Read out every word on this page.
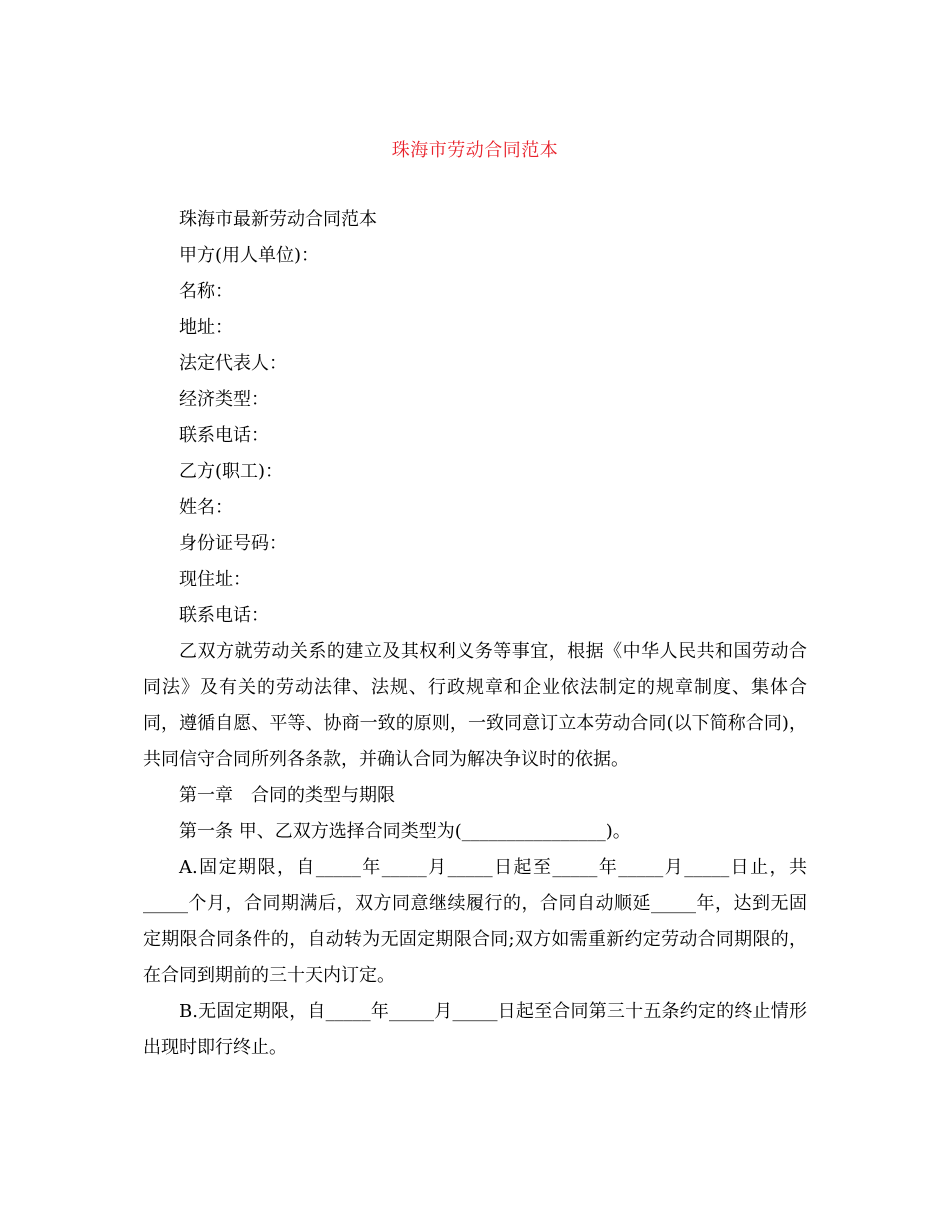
珠海市劳动合同范本
珠海市最新劳动合同范本
甲方(用人单位)：
名称：
地址：
法定代表人：
经济类型：
联系电话：
乙方(职工)：
姓名：
身份证号码：
现住址：
联系电话：

乙双方就劳动关系的建立及其权利义务等事宜，根据《中华人民共和国劳动合同法》及有关的劳动法律、法规、行政规章和企业依法制定的规章制度、集体合同，遵循自愿、平等、协商一致的原则，一致同意订立本劳动合同(以下简称合同)，共同信守合同所列各条款，并确认合同为解决争议时的依据。

第一章　合同的类型与期限
第一条 甲、乙双方选择合同类型为(________________)。

A.固定期限，自_____年_____月_____日起至_____年_____月_____日止，共_____个月，合同期满后，双方同意继续履行的，合同自动顺延_____年，达到无固定期限合同条件的，自动转为无固定期限合同;双方如需重新约定劳动合同期限的，在合同到期前的三十天内订定。

B.无固定期限，自_____年_____月_____日起至合同第三十五条约定的终止情形出现时即行终止。
